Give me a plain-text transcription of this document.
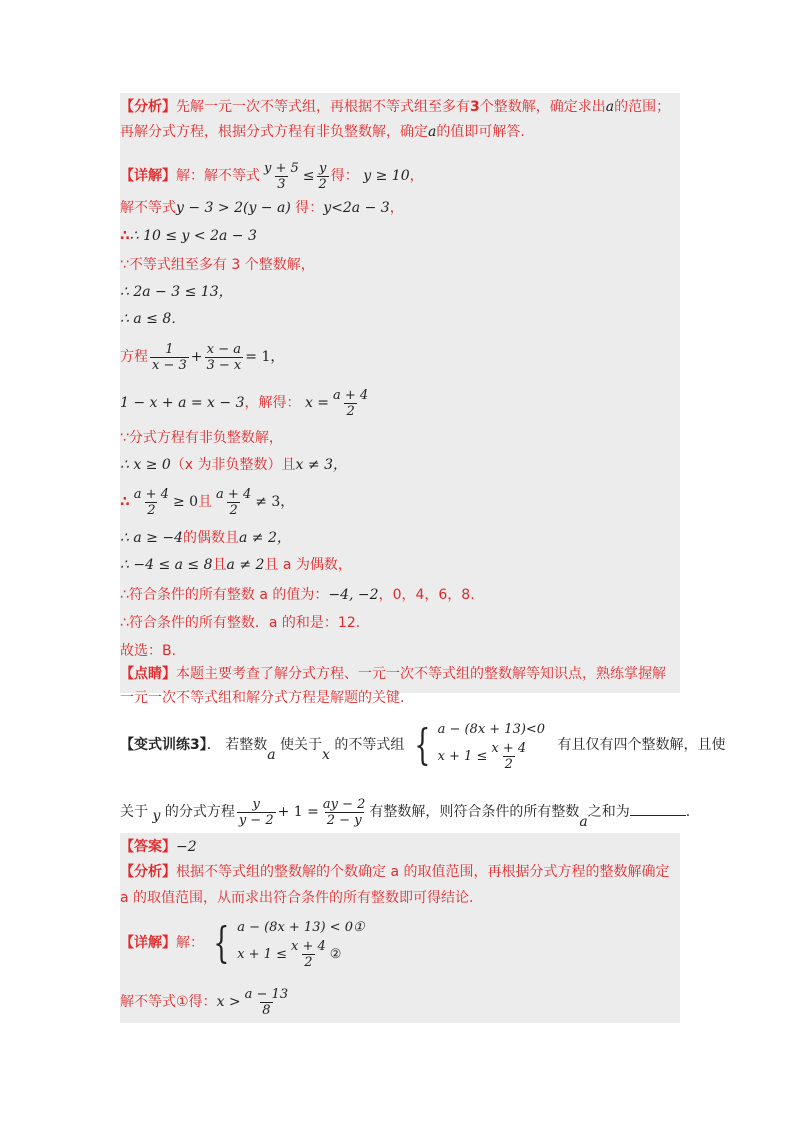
【分析】先解一元一次不等式组，再根据不等式组至多有3个整数解，确定求出a的范围；
再解分式方程，根据分式方程有非负整数解，确定a的值即可解答.
【详解】解：解不等式 $\frac{y + 5}{3} \le \frac{y}{2}$ 得： y ≥ 10，
解不等式y − 3 > 2(y − a) 得：y<2a − 3，
∴∴ 10 ≤ y < 2a − 3
∵不等式组至多有 3 个整数解，
∴ 2a − 3 ≤ 13，
∴ a ≤ 8．
方程 $\frac{1}{x - 3} + \frac{x - a}{3 - x} = 1$，
1 − x + a = x − 3，解得： $x = \frac{a + 4}{2}$
∵分式方程有非负整数解，
∴ x ≥ 0（x 为非负整数）且x ≠ 3，
∴ $\frac{a + 4}{2} \ge 0$且 $\frac{a + 4}{2} \ne 3$，
∴ a ≥ −4的偶数且a ≠ 2，
∴ −4 ≤ a ≤ 8且a ≠ 2且 a 为偶数，
∴符合条件的所有整数 a 的值为：−4, −2，0，4，6，8.
∴符合条件的所有整数．a 的和是：12.
故选：B.
【点睛】本题主要考查了解分式方程、一元一次不等式组的整数解等知识点，熟练掌握解
一元一次不等式组和解分式方程是解题的关键.
【变式训练3】． 若整数a 使关于x 的不等式组 { a − (8x + 13)<0
$x + 1 \le \frac{x + 4}{2}$ 有且仅有四个整数解，且使
关于 y 的分式方程 $\frac{y}{y - 2} + 1 = \frac{ay - 2}{2 - y}$ 有整数解，则符合条件的所有整数a之和为	.
【答案】−2
【分析】根据不等式组的整数解的个数确定 a 的取值范围，再根据分式方程的整数解确定
a 的取值范围，从而求出符合条件的所有整数即可得结论.
【详解】解： { a − (8x + 13) < 0①
$x + 1 \le \frac{x + 4}{2}$ ②
解不等式①得：$x > \frac{a - 13}{8}$
